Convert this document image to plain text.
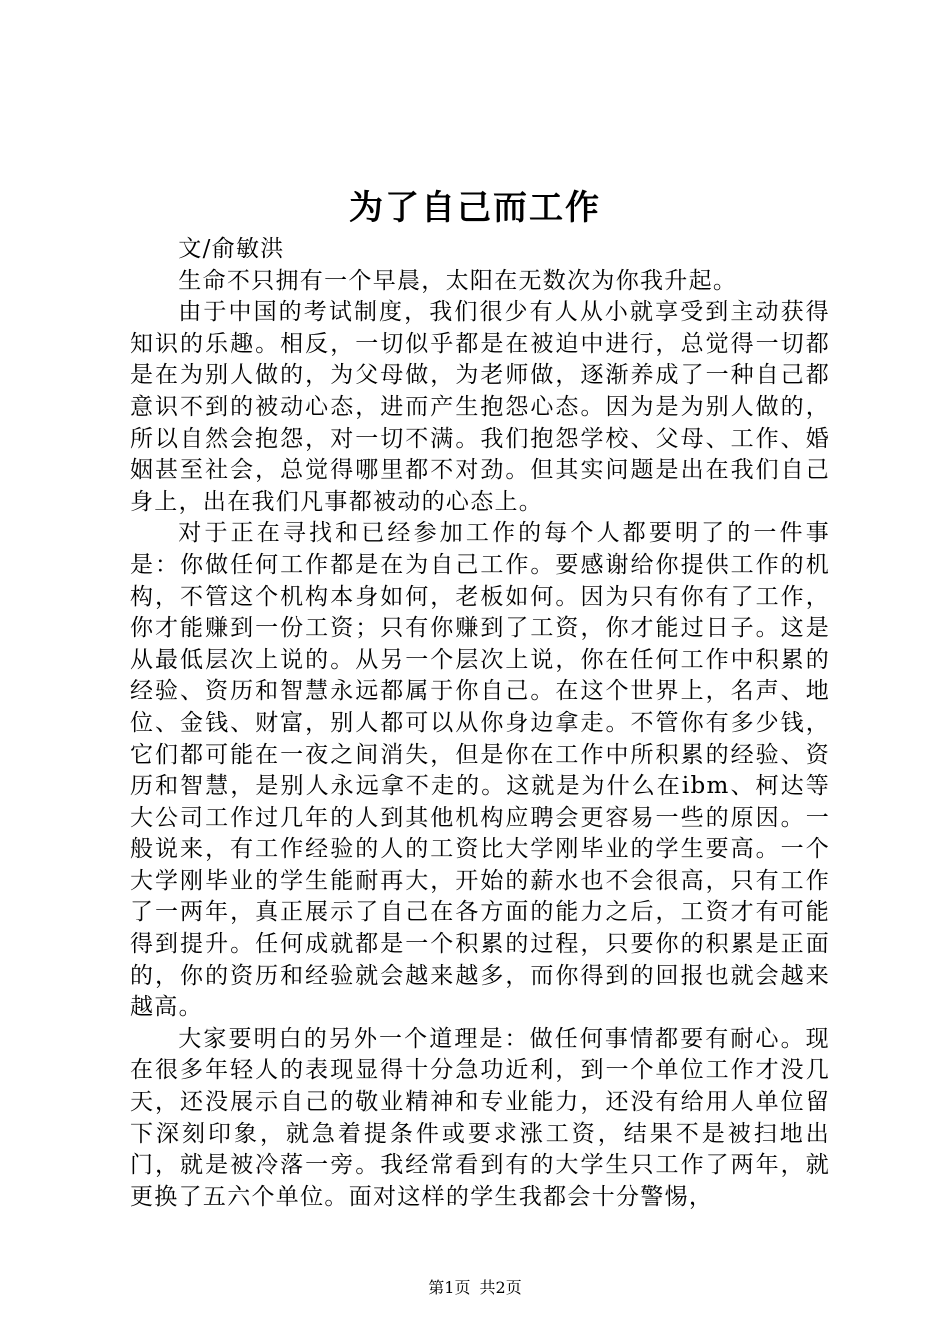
为了自己而工作

文/俞敏洪

生命不只拥有一个早晨，太阳在无数次为你我升起。

由于中国的考试制度，我们很少有人从小就享受到主动获得知识的乐趣。相反，一切似乎都是在被迫中进行，总觉得一切都是在为别人做的，为父母做，为老师做，逐渐养成了一种自己都意识不到的被动心态，进而产生抱怨心态。因为是为别人做的，所以自然会抱怨，对一切不满。我们抱怨学校、父母、工作、婚姻甚至社会，总觉得哪里都不对劲。但其实问题是出在我们自己身上，出在我们凡事都被动的心态上。

对于正在寻找和已经参加工作的每个人都要明了的一件事是：你做任何工作都是在为自己工作。要感谢给你提供工作的机构，不管这个机构本身如何，老板如何。因为只有你有了工作，你才能赚到一份工资；只有你赚到了工资，你才能过日子。这是从最低层次上说的。从另一个层次上说，你在任何工作中积累的经验、资历和智慧永远都属于你自己。在这个世界上，名声、地位、金钱、财富，别人都可以从你身边拿走。不管你有多少钱，它们都可能在一夜之间消失，但是你在工作中所积累的经验、资历和智慧，是别人永远拿不走的。这就是为什么在ibm、柯达等大公司工作过几年的人到其他机构应聘会更容易一些的原因。一般说来，有工作经验的人的工资比大学刚毕业的学生要高。一个大学刚毕业的学生能耐再大，开始的薪水也不会很高，只有工作了一两年，真正展示了自己在各方面的能力之后，工资才有可能得到提升。任何成就都是一个积累的过程，只要你的积累是正面的，你的资历和经验就会越来越多，而你得到的回报也就会越来越高。

大家要明白的另外一个道理是：做任何事情都要有耐心。现在很多年轻人的表现显得十分急功近利，到一个单位工作才没几天，还没展示自己的敬业精神和专业能力，还没有给用人单位留下深刻印象，就急着提条件或要求涨工资，结果不是被扫地出门，就是被冷落一旁。我经常看到有的大学生只工作了两年，就更换了五六个单位。面对这样的学生我都会十分警惕，

第1页 共2页
